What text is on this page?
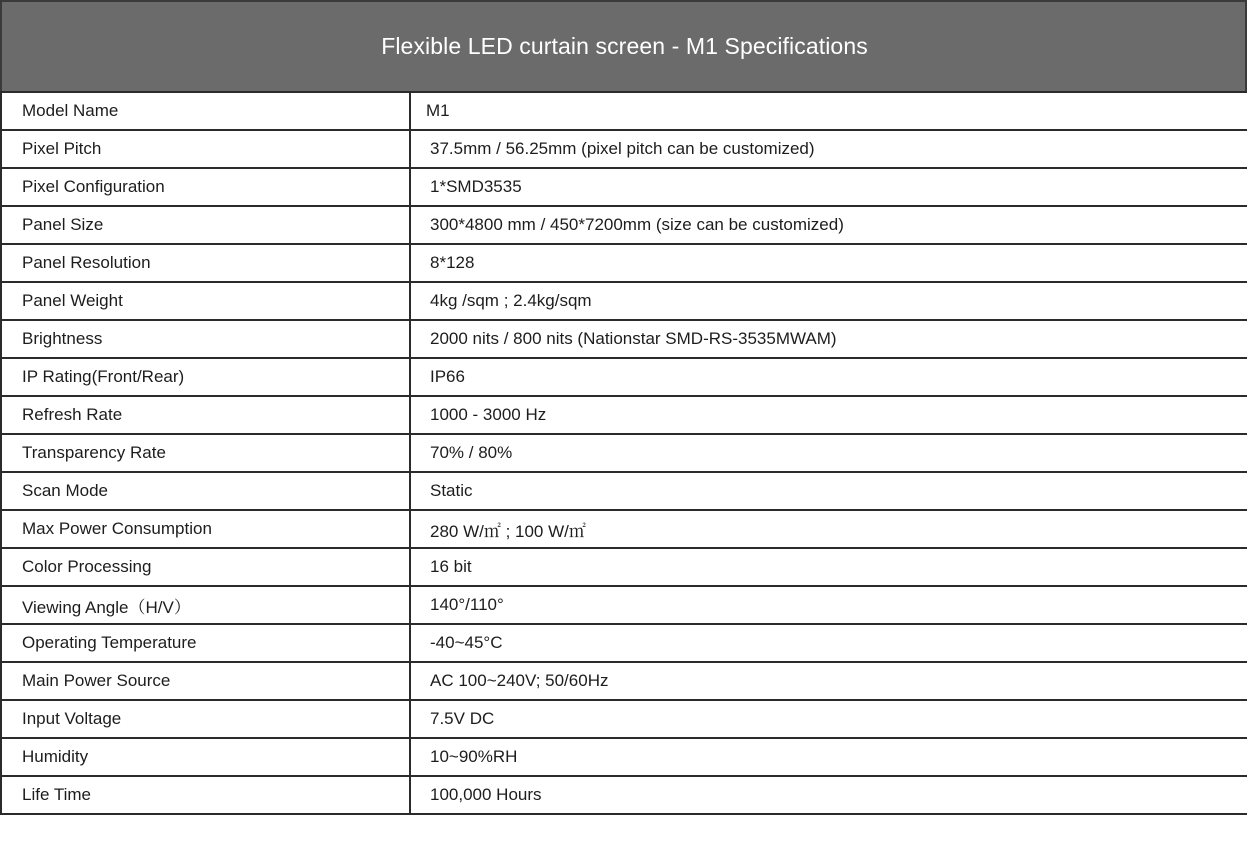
Flexible LED curtain screen - M1 Specifications
Model Name	M1
Pixel Pitch	37.5mm / 56.25mm (pixel pitch can be customized)
Pixel Configuration	1*SMD3535
Panel Size	300*4800 mm / 450*7200mm (size can be customized)
Panel Resolution	8*128
Panel Weight	4kg /sqm ; 2.4kg/sqm
Brightness	2000 nits / 800 nits (Nationstar SMD-RS-3535MWAM)
IP Rating(Front/Rear)	IP66
Refresh Rate	1000 - 3000 Hz
Transparency Rate	70% / 80%
Scan Mode	Static
Max Power Consumption	280 W/㎡ ; 100 W/㎡
Color Processing	16 bit
Viewing Angle（H/V）	140°/110°
Operating Temperature	-40~45°C
Main Power Source	AC 100~240V; 50/60Hz
Input Voltage	7.5V DC
Humidity	10~90%RH
Life Time	100,000 Hours
